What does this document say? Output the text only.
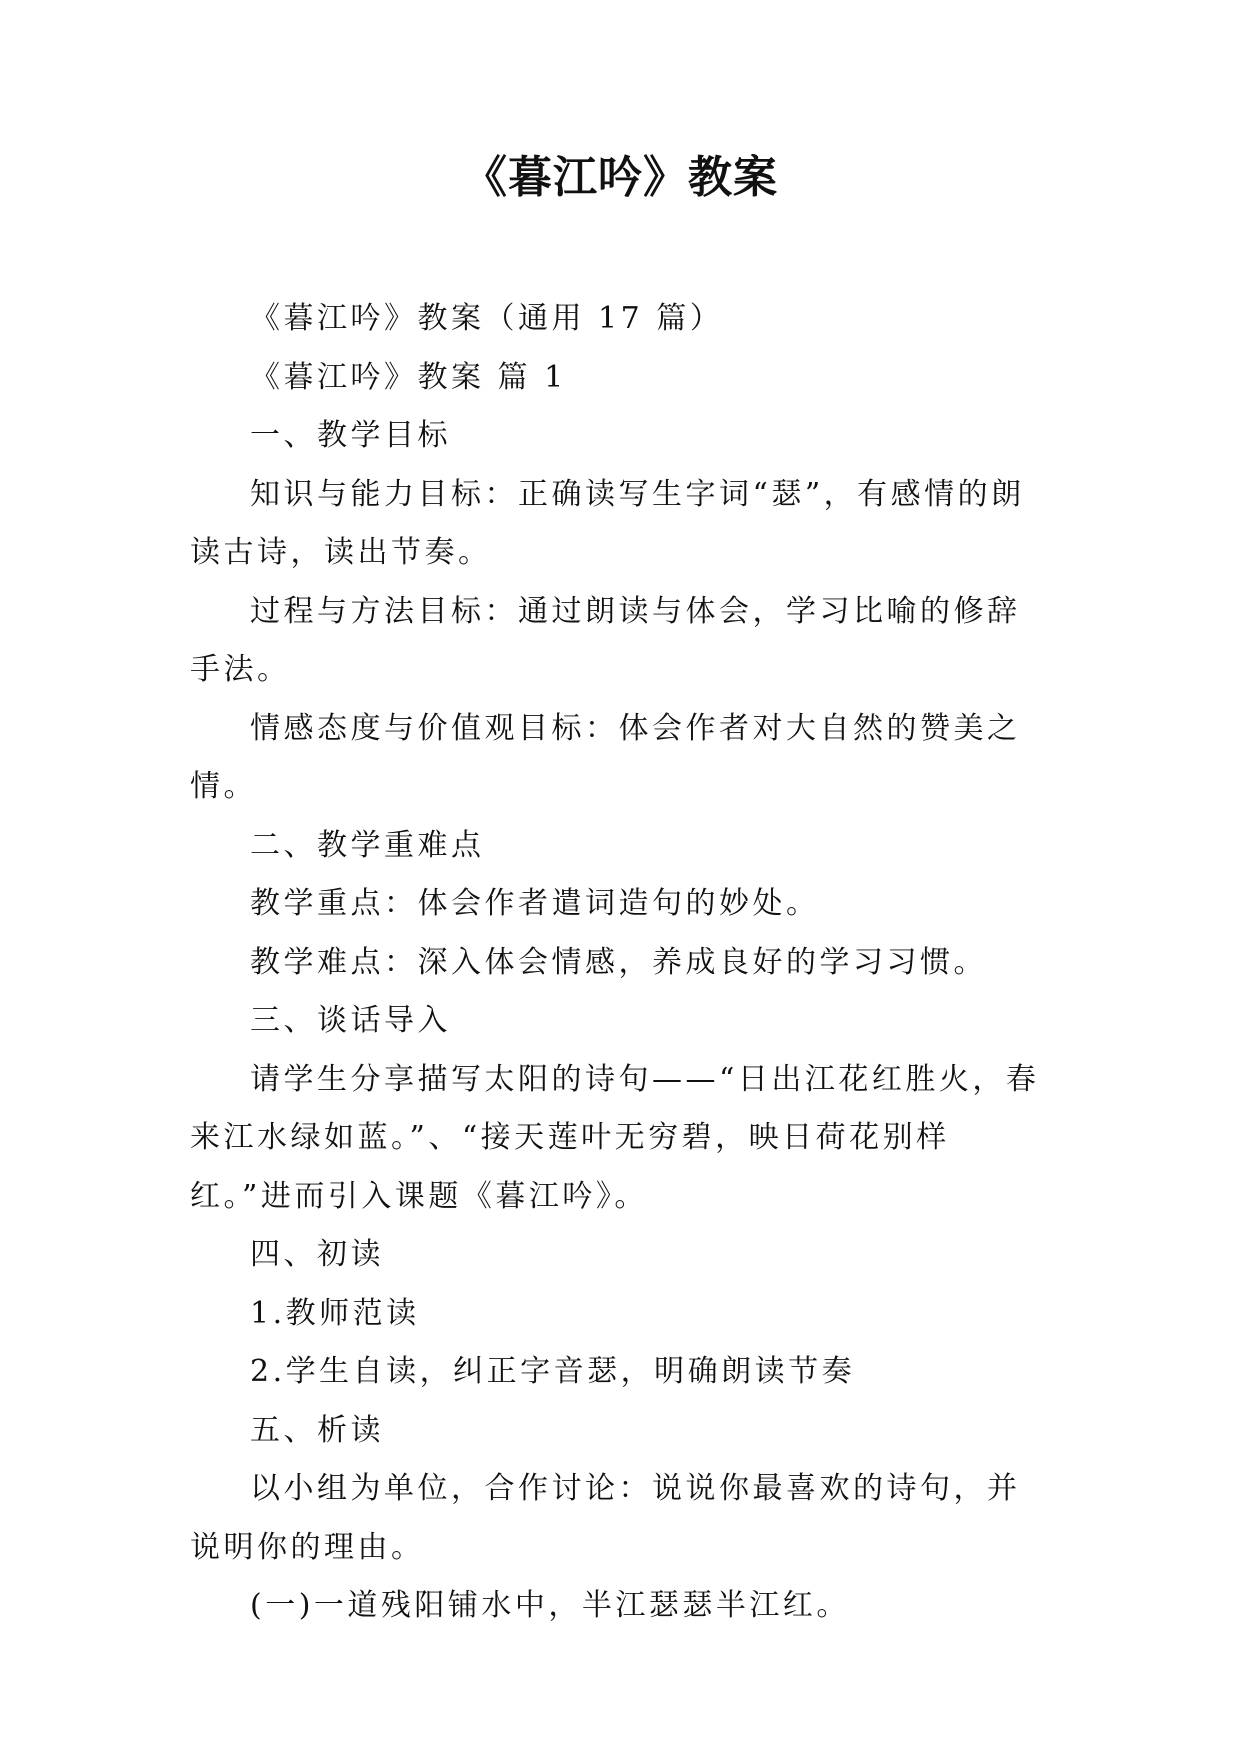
《暮江吟》教案

《暮江吟》教案（通用 17 篇）

《暮江吟》教案 篇 1

一、教学目标

知识与能力目标：正确读写生字词“瑟”，有感情的朗读古诗，读出节奏。

过程与方法目标：通过朗读与体会，学习比喻的修辞手法。

情感态度与价值观目标：体会作者对大自然的赞美之情。

二、教学重难点

教学重点：体会作者遣词造句的妙处。

教学难点：深入体会情感，养成良好的学习习惯。

三、谈话导入

请学生分享描写太阳的诗句——“日出江花红胜火，春来江水绿如蓝。”、“接天莲叶无穷碧，映日荷花别样红。”进而引入课题《暮江吟》。

四、初读

1.教师范读

2.学生自读，纠正字音瑟，明确朗读节奏

五、析读

以小组为单位，合作讨论：说说你最喜欢的诗句，并说明你的理由。

(一)一道残阳铺水中，半江瑟瑟半江红。
